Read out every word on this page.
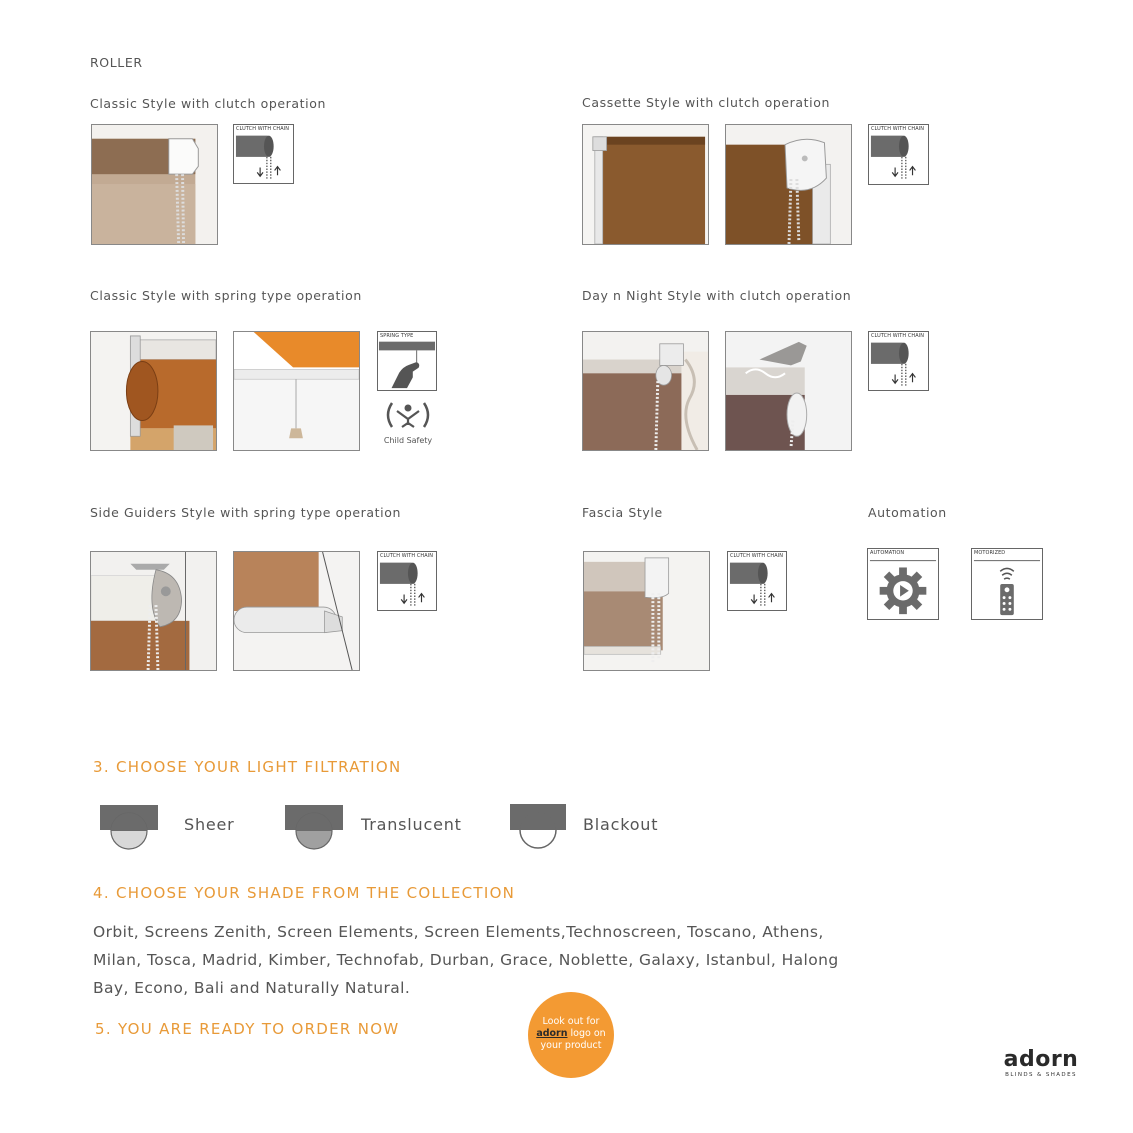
ROLLER
Classic Style with clutch operation
CLUTCH WITH CHAIN
Cassette Style with clutch operation
CLUTCH WITH CHAIN
Classic Style with spring type operation
SPRING TYPE
Child Safety
Day n Night Style with clutch operation
CLUTCH WITH CHAIN
Side Guiders Style with spring type operation
CLUTCH WITH CHAIN
Fascia Style
CLUTCH WITH CHAIN
Automation
AUTOMATION	MOTORIZED
3. CHOOSE YOUR LIGHT FILTRATION
Sheer	Translucent	Blackout
4. CHOOSE YOUR SHADE FROM THE COLLECTION
Orbit, Screens Zenith, Screen Elements, Screen Elements,Technoscreen, Toscano, Athens, Milan, Tosca, Madrid, Kimber, Technofab, Durban, Grace, Noblette, Galaxy, Istanbul, Halong Bay, Econo, Bali and Naturally Natural.
5. YOU ARE READY TO ORDER NOW	Look out for
adorn logo on
your product
adorn
BLINDS & SHADES
